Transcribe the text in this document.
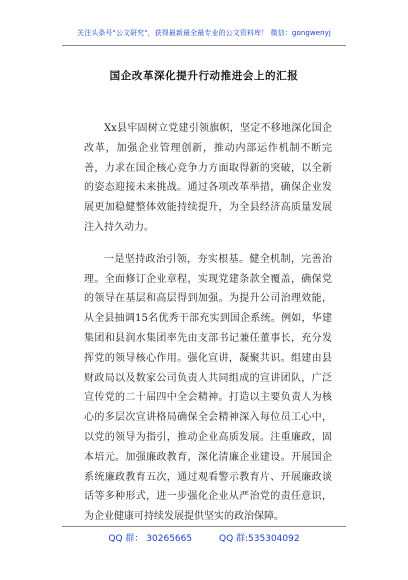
关注头条号"公文研究"，获得最新最全最专业的公文资料库！ 微信：gongwenyj
国企改革深化提升行动推进会上的汇报

Xx县牢固树立党建引领旗帜，坚定不移地深化国企改革，加强企业管理创新，推动内部运作机制不断完善，力求在国企核心竞争力方面取得新的突破，以全新的姿态迎接未来挑战。通过各项改革举措，确保企业发展更加稳健整体效能持续提升，为全县经济高质量发展注入持久动力。

一是坚持政治引领，夯实根基。健全机制，完善治理。全面修订企业章程，实现党建条款全覆盖，确保党的领导在基层和高层得到加强。为提升公司治理效能，从全县抽调15名优秀干部充实到国企系统。例如，华建集团和县润水集团率先由支部书记兼任董事长，充分发挥党的领导核心作用。强化宣讲，凝聚共识。组建由县财政局以及数家公司负责人共同组成的宣讲团队，广泛宣传党的二十届四中全会精神。打造以主要负责人为核心的多层次宣讲格局确保全会精神深入每位员工心中，以党的领导为指引，推动企业高质发展。注重廉政，固本培元。加强廉政教育，深化清廉企业建设。开展国企系统廉政教育五次，通过观看警示教育片、开展廉政谈话等多种形式，进一步强化企业从严治党的责任意识，为企业健康可持续发展提供坚实的政治保障。

QQ 群： 30265665	QQ 群:535304092
